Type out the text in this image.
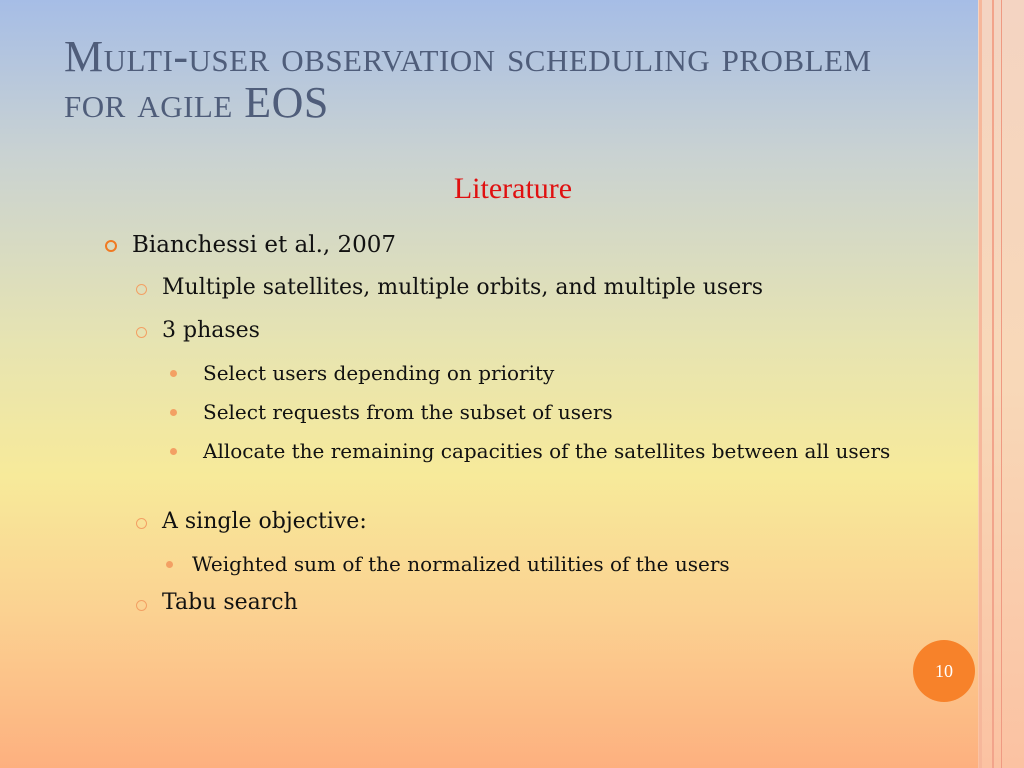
Multi-user observation scheduling problem for agile EOS
Literature
Bianchessi et al., 2007
Multiple satellites, multiple orbits, and multiple users
3 phases
Select users depending on priority
Select requests from the subset of users
Allocate the remaining capacities of the satellites between all users
A single objective:
Weighted sum of the normalized utilities of the users
Tabu search
10
